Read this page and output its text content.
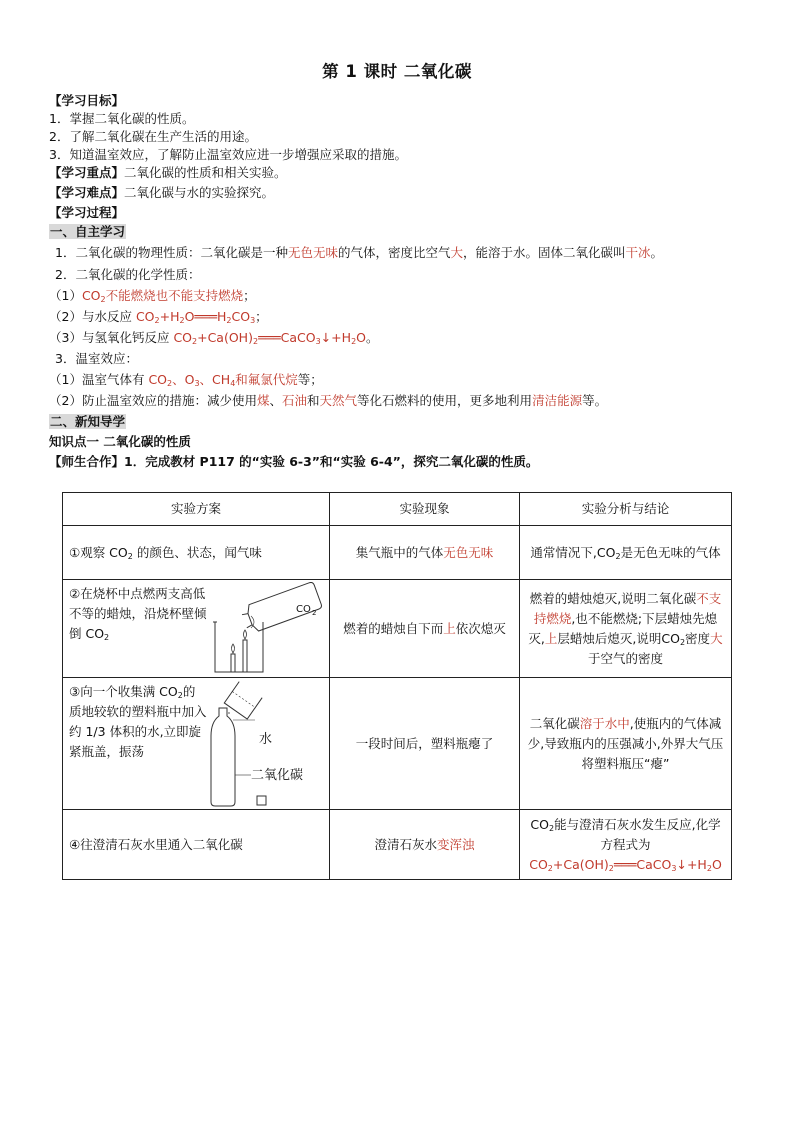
第 1 课时 二氧化碳
【学习目标】
1．掌握二氧化碳的性质。
2．了解二氧化碳在生产生活的用途。
3．知道温室效应，了解防止温室效应进一步增强应采取的措施。
【学习重点】二氧化碳的性质和相关实验。
【学习难点】二氧化碳与水的实验探究。
【学习过程】
一、自主学习
1．二氧化碳的物理性质：二氧化碳是一种无色无味的气体，密度比空气大，能溶于水。固体二氧化碳叫干冰。
2．二氧化碳的化学性质：
$(1)CO_2$不能燃烧也不能支持燃烧；
（2）与水反应 $CO_2+H_2O═══H_2CO_3$；
（3）与氢氧化钙反应 $CO_2+Ca(OH)_2═══CaCO_3↓+H_2O$。
3．温室效应：
（1）温室气体有 $CO_2$、$O_3$、$CH_4$和氟氯代烷等；
（2）防止温室效应的措施：减少使用煤、石油和天然气等化石燃料的使用，更多地利用清洁能源等。
二、新知导学
知识点一 二氧化碳的性质
【师生合作】1．完成教材 P117 的“实验 6-3”和“实验 6-4”，探究二氧化碳的性质。
实验方案	实验现象	实验分析与结论
①观察 $CO_2$ 的颜色、状态，闻气味	集气瓶中的气体无色无味	通常情况下$,CO_2$是无色无味的气体

②在烧杯中点燃两支高低不等的蜡烛，沿烧杯壁倾倒 $CO_2$
CO 2	燃着的蜡烛自下而上依次熄灭	燃着的蜡烛熄灭,说明二氧化碳不支持燃烧,也不能燃烧;下层蜡烛先熄灭,上层蜡烛后熄灭,说明$CO_2$密度大于空气的密度

③向一个收集满 $CO_2$的质地较软的塑料瓶中加入约 1/3 体积的水,立即旋紧瓶盖，振荡
水
二氧化碳	一段时间后，塑料瓶瘪了	二氧化碳溶于水中,使瓶内的气体减少,导致瓶内的压强减小,外界大气压将塑料瓶压“瘪”
④往澄清石灰水里通入二氧化碳	澄清石灰水变浑浊	$CO_2$能与澄清石灰水发生反应,化学方程式为
$CO_2+Ca(OH)_2═══CaCO_3↓+H_2O$
